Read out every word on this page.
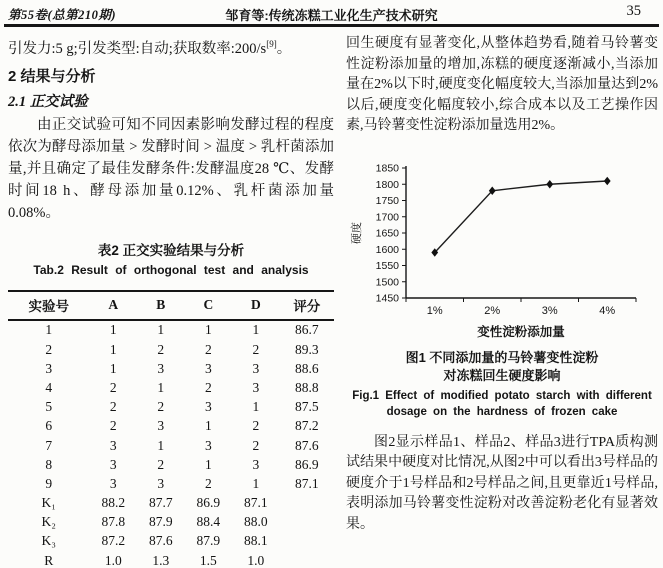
第55卷(总第210期)	邹育等:传统冻糕工业化生产技术研究	35

引发力:5 g;引发类型:自动;获取数率:200/s[9]。

2 结果与分析
2.1 正交试验

由正交试验可知不同因素影响发酵过程的程度依次为酵母添加量 > 发酵时间 > 温度 > 乳杆菌添加量,并且确定了最佳发酵条件:发酵温度28 ℃、发酵时间18 h、酵母添加量0.12%、乳杆菌添加量0.08%。

表2 正交实验结果与分析
Tab.2 Result of orthogonal test and analysis
实验号	A	B	C	D	评分
1	1	1	1	1	86.7
2	1	2	2	2	89.3
3	1	3	3	3	88.6
4	2	1	2	3	88.8
5	2	2	3	1	87.5
6	2	3	1	2	87.2
7	3	1	3	2	87.6
8	3	2	1	3	86.9
9	3	3	2	1	87.1
K₁	88.2	87.7	86.9	87.1	
K₂	87.8	87.9	88.4	88.0	
K₃	87.2	87.6	87.9	88.1	
R	1.0	1.3	1.5	1.0	

回生硬度有显著变化,从整体趋势看,随着马铃薯变性淀粉添加量的增加,冻糕的硬度逐渐减小,当添加量在2%以下时,硬度变化幅度较大,当添加量达到2%以后,硬度变化幅度较小,综合成本以及工艺操作因素,马铃薯变性淀粉添加量选用2%。

1450
1500
1550
1600
1650
1700
1750
1800
1850
1%	2%	3%	4%
硬度
变性淀粉添加量
图1 不同添加量的马铃薯变性淀粉
对冻糕回生硬度影响
Fig.1 Effect of modified potato starch with different
dosage on the hardness of frozen cake

图2显示样品1、样品2、样品3进行TPA质构测试结果中硬度对比情况,从图2中可以看出3号样品的硬度介于1号样品和2号样品之间,且更靠近1号样品,表明添加马铃薯变性淀粉对改善淀粉老化有显著效果。
